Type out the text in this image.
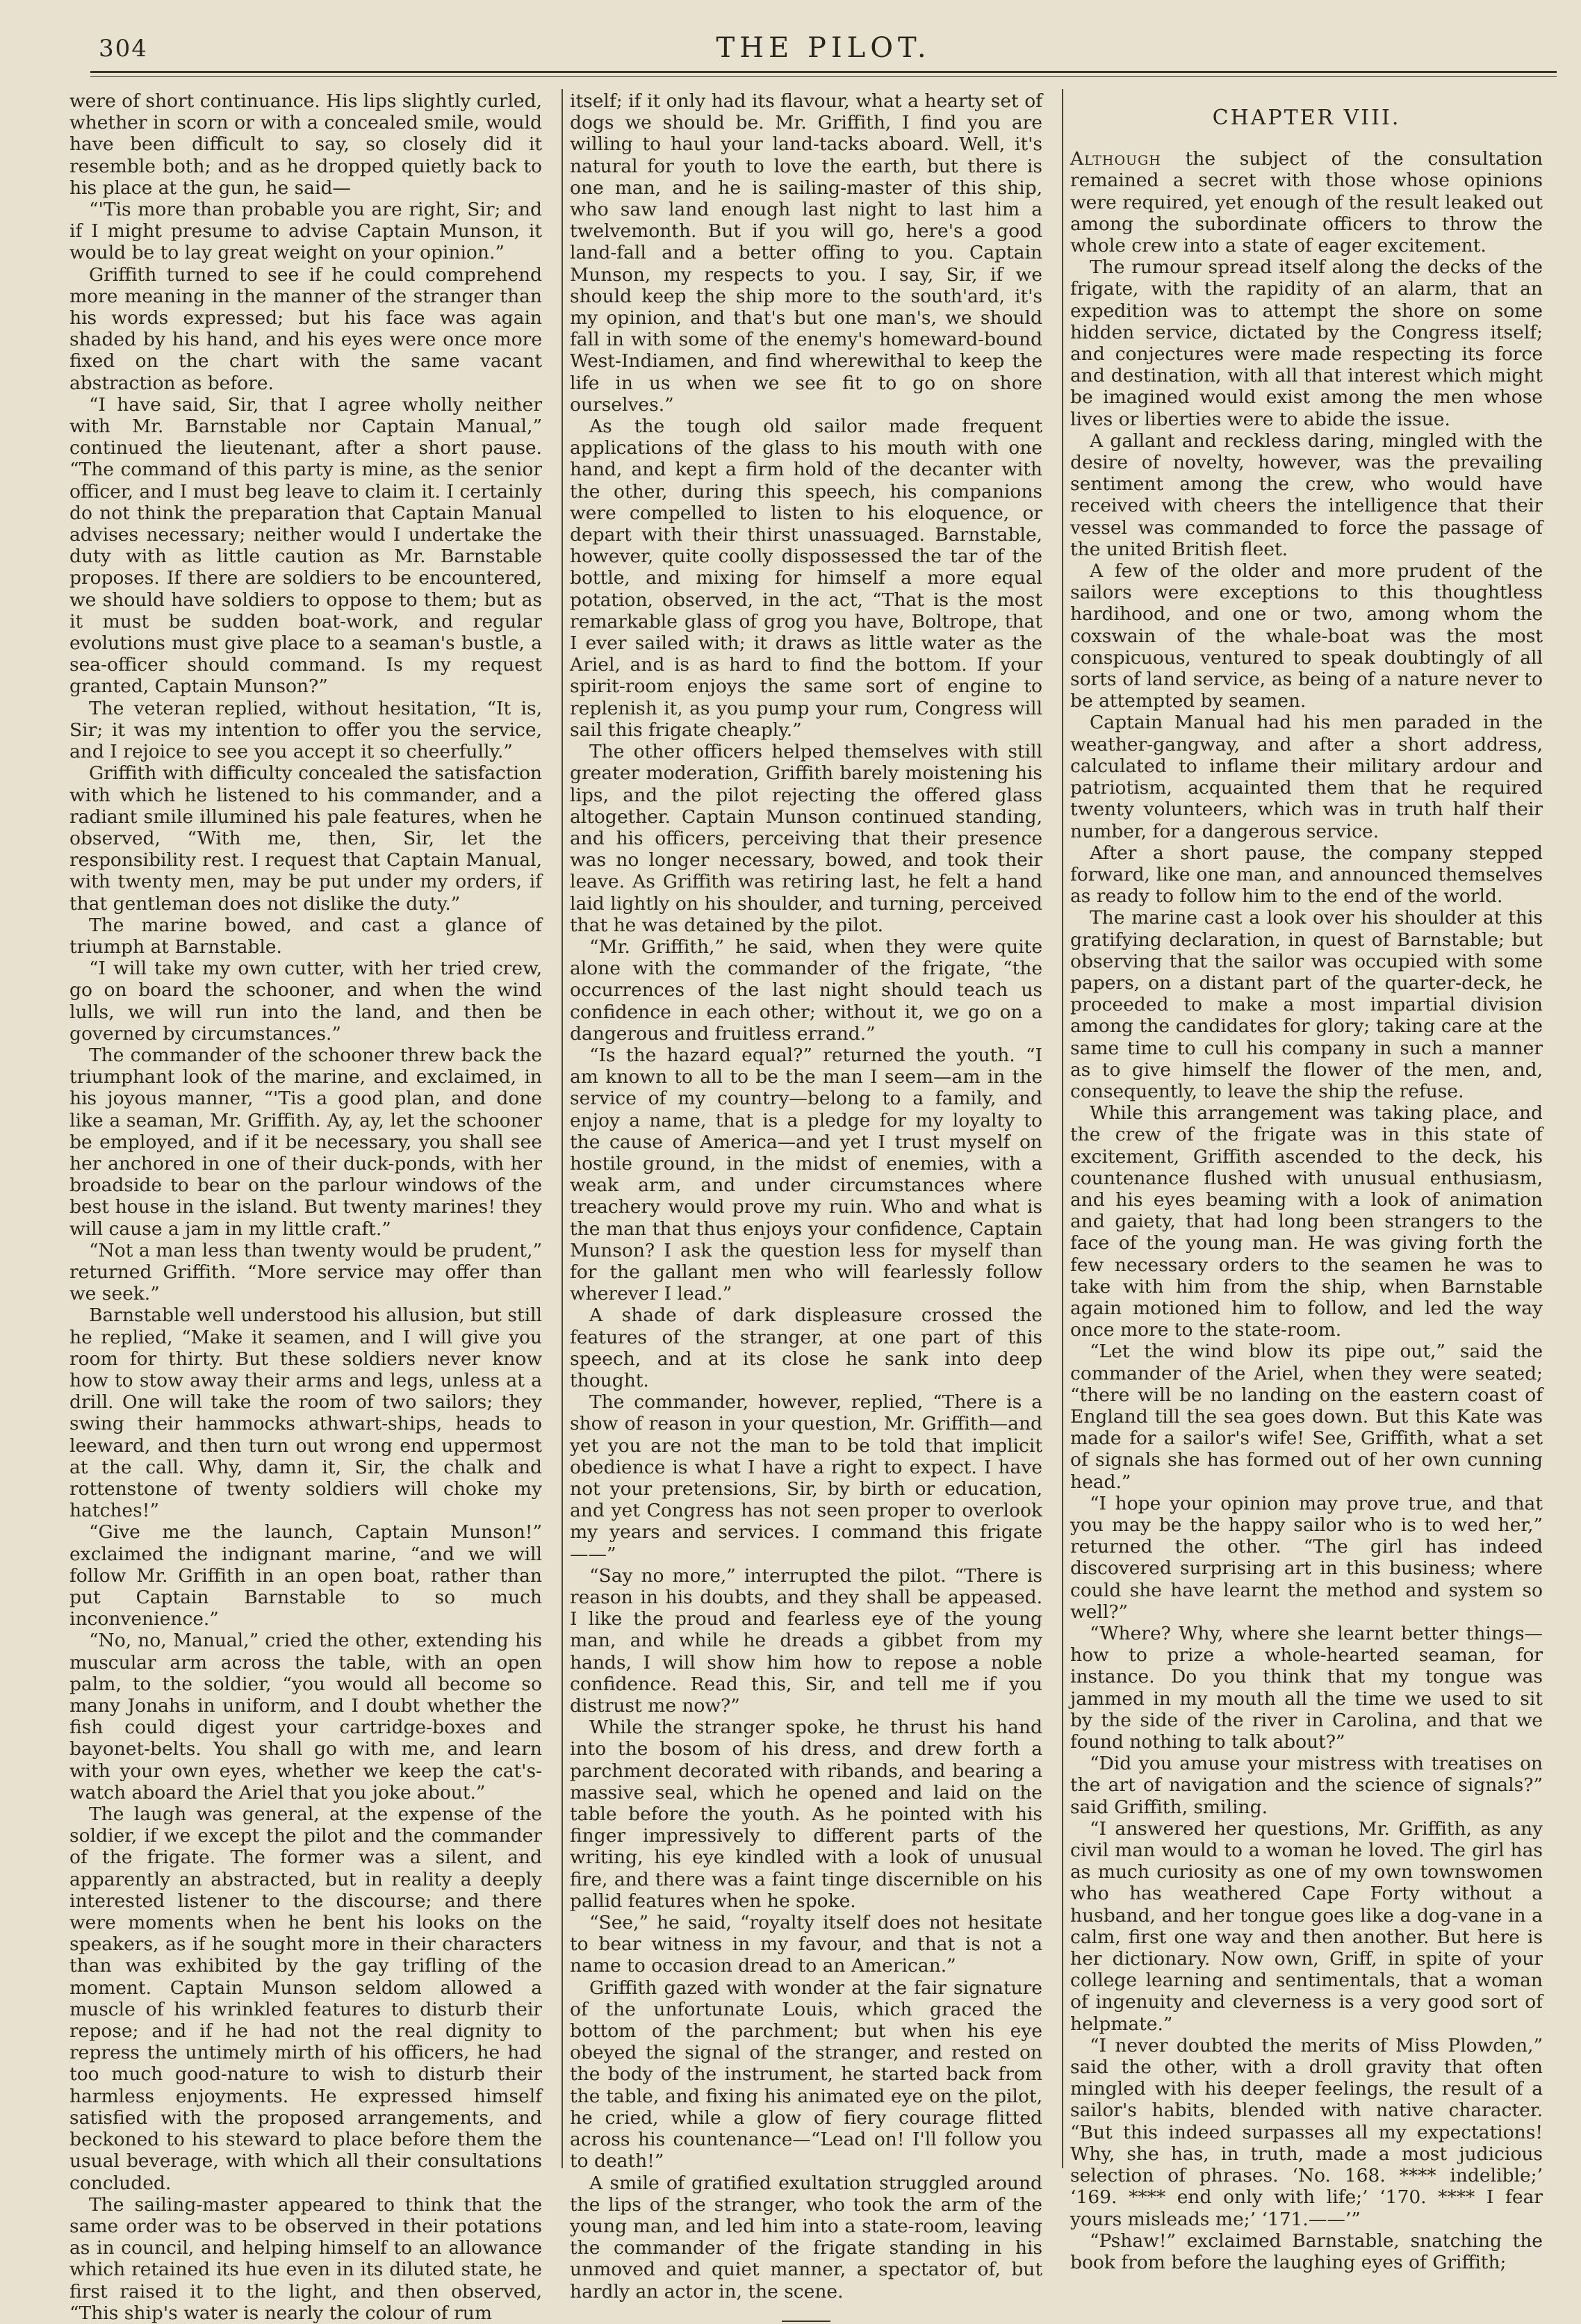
304	THE PILOT.

were of short continuance. His lips slightly curled, whether in scorn or with a concealed smile, would have been difficult to say, so closely did it resemble both; and as he dropped quietly back to his place at the gun, he said—

“'Tis more than probable you are right, Sir; and if I might presume to advise Captain Munson, it would be to lay great weight on your opinion.”

Griffith turned to see if he could comprehend more meaning in the manner of the stranger than his words expressed; but his face was again shaded by his hand, and his eyes were once more fixed on the chart with the same vacant abstraction as before.

“I have said, Sir, that I agree wholly neither with Mr. Barnstable nor Captain Manual,” continued the lieutenant, after a short pause. “The command of this party is mine, as the senior officer, and I must beg leave to claim it. I certainly do not think the preparation that Captain Manual advises necessary; neither would I undertake the duty with as little caution as Mr. Barnstable proposes. If there are soldiers to be encountered, we should have soldiers to oppose to them; but as it must be sudden boat-work, and regular evolutions must give place to a seaman's bustle, a sea-officer should command. Is my request granted, Captain Munson?”

The veteran replied, without hesitation, “It is, Sir; it was my intention to offer you the service, and I rejoice to see you accept it so cheerfully.”

Griffith with difficulty concealed the satisfaction with which he listened to his commander, and a radiant smile illumined his pale features, when he observed, “With me, then, Sir, let the responsibility rest. I request that Captain Manual, with twenty men, may be put under my orders, if that gentleman does not dislike the duty.”

The marine bowed, and cast a glance of triumph at Barnstable.

“I will take my own cutter, with her tried crew, go on board the schooner, and when the wind lulls, we will run into the land, and then be governed by circumstances.”

The commander of the schooner threw back the triumphant look of the marine, and exclaimed, in his joyous manner, “'Tis a good plan, and done like a seaman, Mr. Griffith. Ay, ay, let the schooner be employed, and if it be necessary, you shall see her anchored in one of their duck-ponds, with her broadside to bear on the parlour windows of the best house in the island. But twenty marines! they will cause a jam in my little craft.”

“Not a man less than twenty would be prudent,” returned Griffith. “More service may offer than we seek.”

Barnstable well understood his allusion, but still he replied, “Make it seamen, and I will give you room for thirty. But these soldiers never know how to stow away their arms and legs, unless at a drill. One will take the room of two sailors; they swing their hammocks athwart-ships, heads to leeward, and then turn out wrong end uppermost at the call. Why, damn it, Sir, the chalk and rottenstone of twenty soldiers will choke my hatches!”

“Give me the launch, Captain Munson!” exclaimed the indignant marine, “and we will follow Mr. Griffith in an open boat, rather than put Captain Barnstable to so much inconvenience.”

“No, no, Manual,” cried the other, extending his muscular arm across the table, with an open palm, to the soldier, “you would all become so many Jonahs in uniform, and I doubt whether the fish could digest your cartridge-boxes and bayonet-belts. You shall go with me, and learn with your own eyes, whether we keep the cat's-watch aboard the Ariel that you joke about.”

The laugh was general, at the expense of the soldier, if we except the pilot and the commander of the frigate. The former was a silent, and apparently an abstracted, but in reality a deeply interested listener to the discourse; and there were moments when he bent his looks on the speakers, as if he sought more in their characters than was exhibited by the gay trifling of the moment. Captain Munson seldom allowed a muscle of his wrinkled features to disturb their repose; and if he had not the real dignity to repress the untimely mirth of his officers, he had too much good-nature to wish to disturb their harmless enjoyments. He expressed himself satisfied with the proposed arrangements, and beckoned to his steward to place before them the usual beverage, with which all their consultations concluded.

The sailing-master appeared to think that the same order was to be observed in their potations as in council, and helping himself to an allowance which retained its hue even in its diluted state, he first raised it to the light, and then observed, “This ship's water is nearly the colour of rum

itself; if it only had its flavour, what a hearty set of dogs we should be. Mr. Griffith, I find you are willing to haul your land-tacks aboard. Well, it's natural for youth to love the earth, but there is one man, and he is sailing-master of this ship, who saw land enough last night to last him a twelvemonth. But if you will go, here's a good land-fall and a better offing to you. Captain Munson, my respects to you. I say, Sir, if we should keep the ship more to the south'ard, it's my opinion, and that's but one man's, we should fall in with some of the enemy's homeward-bound West-Indiamen, and find wherewithal to keep the life in us when we see fit to go on shore ourselves.”

As the tough old sailor made frequent applications of the glass to his mouth with one hand, and kept a firm hold of the decanter with the other, during this speech, his companions were compelled to listen to his eloquence, or depart with their thirst unassuaged. Barnstable, however, quite coolly dispossessed the tar of the bottle, and mixing for himself a more equal potation, observed, in the act, “That is the most remarkable glass of grog you have, Boltrope, that I ever sailed with; it draws as little water as the Ariel, and is as hard to find the bottom. If your spirit-room enjoys the same sort of engine to replenish it, as you pump your rum, Congress will sail this frigate cheaply.”

The other officers helped themselves with still greater moderation, Griffith barely moistening his lips, and the pilot rejecting the offered glass altogether. Captain Munson continued standing, and his officers, perceiving that their presence was no longer necessary, bowed, and took their leave. As Griffith was retiring last, he felt a hand laid lightly on his shoulder, and turning, perceived that he was detained by the pilot.

“Mr. Griffith,” he said, when they were quite alone with the commander of the frigate, “the occurrences of the last night should teach us confidence in each other; without it, we go on a dangerous and fruitless errand.”

“Is the hazard equal?” returned the youth. “I am known to all to be the man I seem—am in the service of my country—belong to a family, and enjoy a name, that is a pledge for my loyalty to the cause of America—and yet I trust myself on hostile ground, in the midst of enemies, with a weak arm, and under circumstances where treachery would prove my ruin. Who and what is the man that thus enjoys your confidence, Captain Munson? I ask the question less for myself than for the gallant men who will fearlessly follow wherever I lead.”

A shade of dark displeasure crossed the features of the stranger, at one part of this speech, and at its close he sank into deep thought.

The commander, however, replied, “There is a show of reason in your question, Mr. Griffith—and yet you are not the man to be told that implicit obedience is what I have a right to expect. I have not your pretensions, Sir, by birth or education, and yet Congress has not seen proper to overlook my years and services. I command this frigate——”

“Say no more,” interrupted the pilot. “There is reason in his doubts, and they shall be appeased. I like the proud and fearless eye of the young man, and while he dreads a gibbet from my hands, I will show him how to repose a noble confidence. Read this, Sir, and tell me if you distrust me now?”

While the stranger spoke, he thrust his hand into the bosom of his dress, and drew forth a parchment decorated with ribands, and bearing a massive seal, which he opened and laid on the table before the youth. As he pointed with his finger impressively to different parts of the writing, his eye kindled with a look of unusual fire, and there was a faint tinge discernible on his pallid features when he spoke.

“See,” he said, “royalty itself does not hesitate to bear witness in my favour, and that is not a name to occasion dread to an American.”

Griffith gazed with wonder at the fair signature of the unfortunate Louis, which graced the bottom of the parchment; but when his eye obeyed the signal of the stranger, and rested on the body of the instrument, he started back from the table, and fixing his animated eye on the pilot, he cried, while a glow of fiery courage flitted across his countenance—“Lead on! I'll follow you to death!”

A smile of gratified exultation struggled around the lips of the stranger, who took the arm of the young man, and led him into a state-room, leaving the commander of the frigate standing in his unmoved and quiet manner, a spectator of, but hardly an actor in, the scene.

CHAPTER VIII.

Although the subject of the consultation remained a secret with those whose opinions were required, yet enough of the result leaked out among the subordinate officers to throw the whole crew into a state of eager excitement.

The rumour spread itself along the decks of the frigate, with the rapidity of an alarm, that an expedition was to attempt the shore on some hidden service, dictated by the Congress itself; and conjectures were made respecting its force and destination, with all that interest which might be imagined would exist among the men whose lives or liberties were to abide the issue.

A gallant and reckless daring, mingled with the desire of novelty, however, was the prevailing sentiment among the crew, who would have received with cheers the intelligence that their vessel was commanded to force the passage of the united British fleet.

A few of the older and more prudent of the sailors were exceptions to this thoughtless hardihood, and one or two, among whom the coxswain of the whale-boat was the most conspicuous, ventured to speak doubtingly of all sorts of land service, as being of a nature never to be attempted by seamen.

Captain Manual had his men paraded in the weather-gangway, and after a short address, calculated to inflame their military ardour and patriotism, acquainted them that he required twenty volunteers, which was in truth half their number, for a dangerous service.

After a short pause, the company stepped forward, like one man, and announced themselves as ready to follow him to the end of the world.

The marine cast a look over his shoulder at this gratifying declaration, in quest of Barnstable; but observing that the sailor was occupied with some papers, on a distant part of the quarter-deck, he proceeded to make a most impartial division among the candidates for glory; taking care at the same time to cull his company in such a manner as to give himself the flower of the men, and, consequently, to leave the ship the refuse.

While this arrangement was taking place, and the crew of the frigate was in this state of excitement, Griffith ascended to the deck, his countenance flushed with unusual enthusiasm, and his eyes beaming with a look of animation and gaiety, that had long been strangers to the face of the young man. He was giving forth the few necessary orders to the seamen he was to take with him from the ship, when Barnstable again motioned him to follow, and led the way once more to the state-room.

“Let the wind blow its pipe out,” said the commander of the Ariel, when they were seated; “there will be no landing on the eastern coast of England till the sea goes down. But this Kate was made for a sailor's wife! See, Griffith, what a set of signals she has formed out of her own cunning head.”

“I hope your opinion may prove true, and that you may be the happy sailor who is to wed her,” returned the other. “The girl has indeed discovered surprising art in this business; where could she have learnt the method and system so well?”

“Where? Why, where she learnt better things—how to prize a whole-hearted seaman, for instance. Do you think that my tongue was jammed in my mouth all the time we used to sit by the side of the river in Carolina, and that we found nothing to talk about?”

“Did you amuse your mistress with treatises on the art of navigation and the science of signals?” said Griffith, smiling.

“I answered her questions, Mr. Griffith, as any civil man would to a woman he loved. The girl has as much curiosity as one of my own townswomen who has weathered Cape Forty without a husband, and her tongue goes like a dog-vane in a calm, first one way and then another. But here is her dictionary. Now own, Griff, in spite of your college learning and sentimentals, that a woman of ingenuity and cleverness is a very good sort of helpmate.”

“I never doubted the merits of Miss Plowden,” said the other, with a droll gravity that often mingled with his deeper feelings, the result of a sailor's habits, blended with native character. “But this indeed surpasses all my expectations! Why, she has, in truth, made a most judicious selection of phrases. ‘No. 168. **** indelible;’ ‘169. **** end only with life;’ ‘170. **** I fear yours misleads me;’ ‘171.——’”

“Pshaw!” exclaimed Barnstable, snatching the book from before the laughing eyes of Griffith;
